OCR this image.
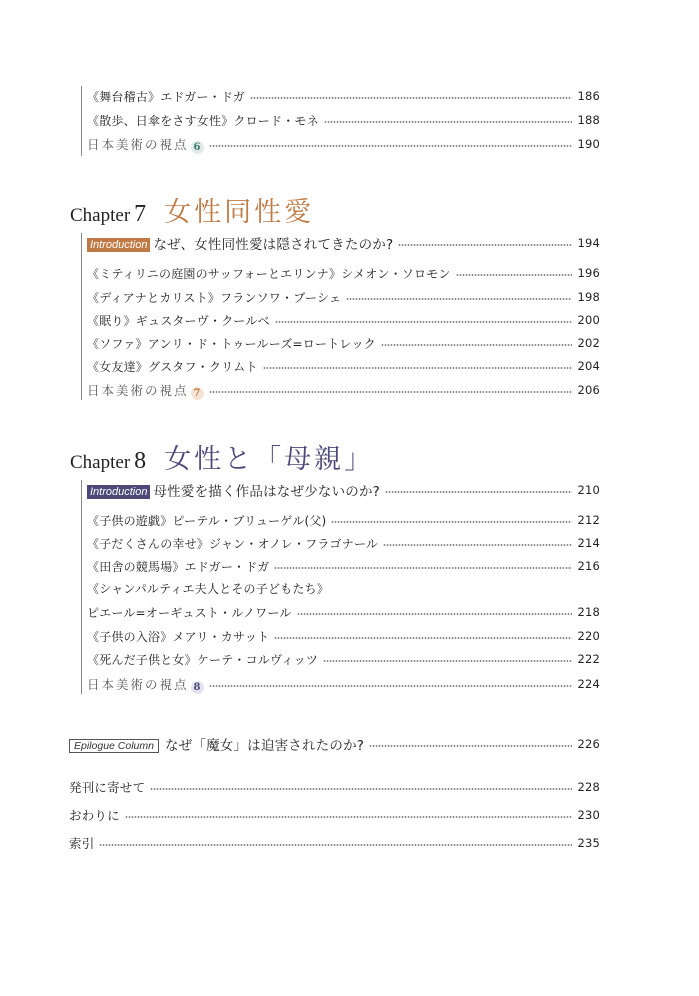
《舞台稽古》エドガー・ドガ	186
《散歩、日傘をさす女性》クロード・モネ	188
日本美術の視点 6	190
Chapter 7 女性同性愛
Introduction なぜ、女性同性愛は隠されてきたのか?	194
《ミティリニの庭園のサッフォーとエリンナ》シメオン・ソロモン	196
《ディアナとカリスト》フランソワ・ブーシェ	198
《眠り》ギュスターヴ・クールベ	200
《ソファ》アンリ・ド・トゥールーズ=ロートレック	202
《女友達》グスタフ・クリムト	204
日本美術の視点 7	206
Chapter 8 女性と「母親」
Introduction 母性愛を描く作品はなぜ少ないのか?	210
《子供の遊戯》ピーテル・ブリューゲル(父)	212
《子だくさんの幸せ》ジャン・オノレ・フラゴナール	214
《田舎の競馬場》エドガー・ドガ	216
《シャンパルティエ夫人とその子どもたち》
ピエール=オーギュスト・ルノワール	218
《子供の入浴》メアリ・カサット	220
《死んだ子供と女》ケーテ・コルヴィッツ	222
日本美術の視点 8	224
Epilogue Column なぜ「魔女」は迫害されたのか?	226
発刊に寄せて	228
おわりに	230
索引	235
